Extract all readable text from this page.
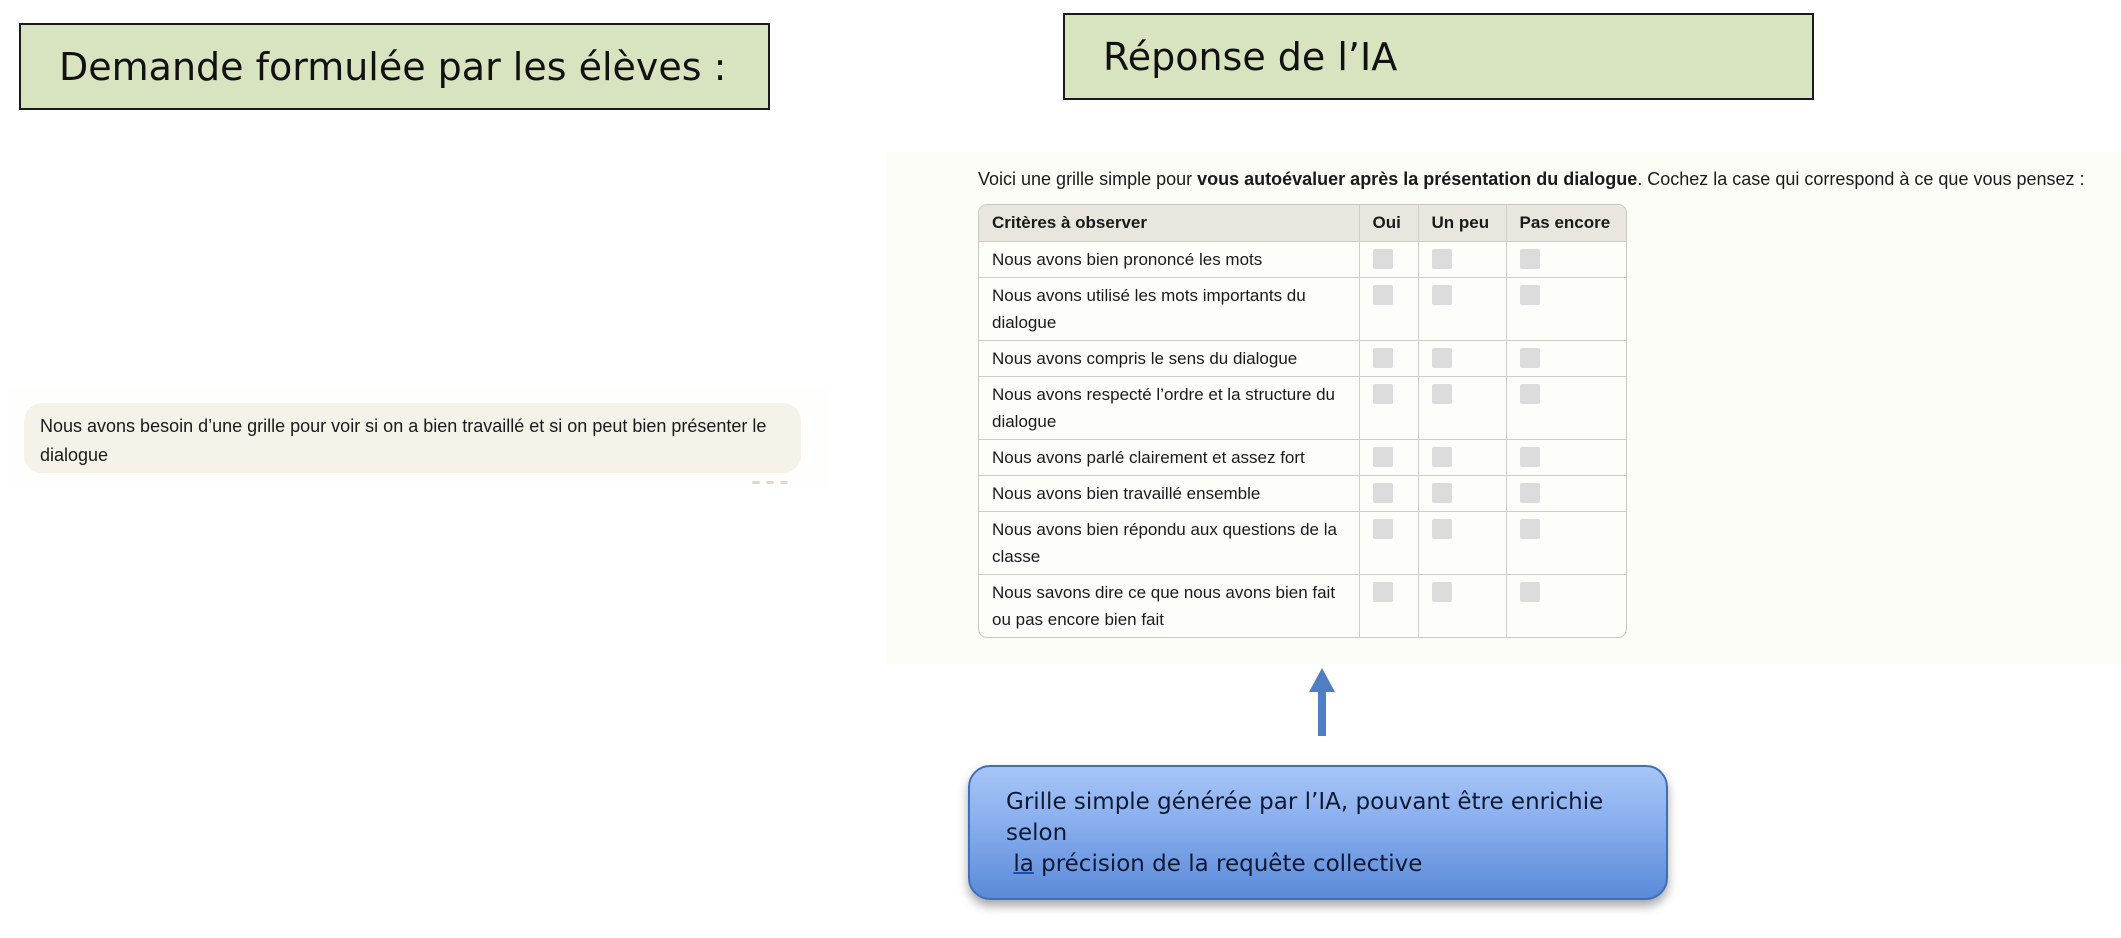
Demande formulée par les élèves :	Réponse de l’IA
Nous avons besoin d’une grille pour voir si on a bien travaillé et si on peut bien présenter le dialogue
Voici une grille simple pour vous autoévaluer après la présentation du dialogue. Cochez la case qui correspond à ce que vous pensez :
Critères à observer	Oui	Un peu	Pas encore
Nous avons bien prononcé les mots	

Nous avons utilisé les mots importants du dialogue	

Nous avons compris le sens du dialogue	

Nous avons respecté l’ordre et la structure du dialogue	

Nous avons parlé clairement et assez fort	

Nous avons bien travaillé ensemble	

Nous avons bien répondu aux questions de la classe	

Nous savons dire ce que nous avons bien fait ou pas encore bien fait	

Grille simple générée par l’IA, pouvant être enrichie selon
la précision de la requête collective
